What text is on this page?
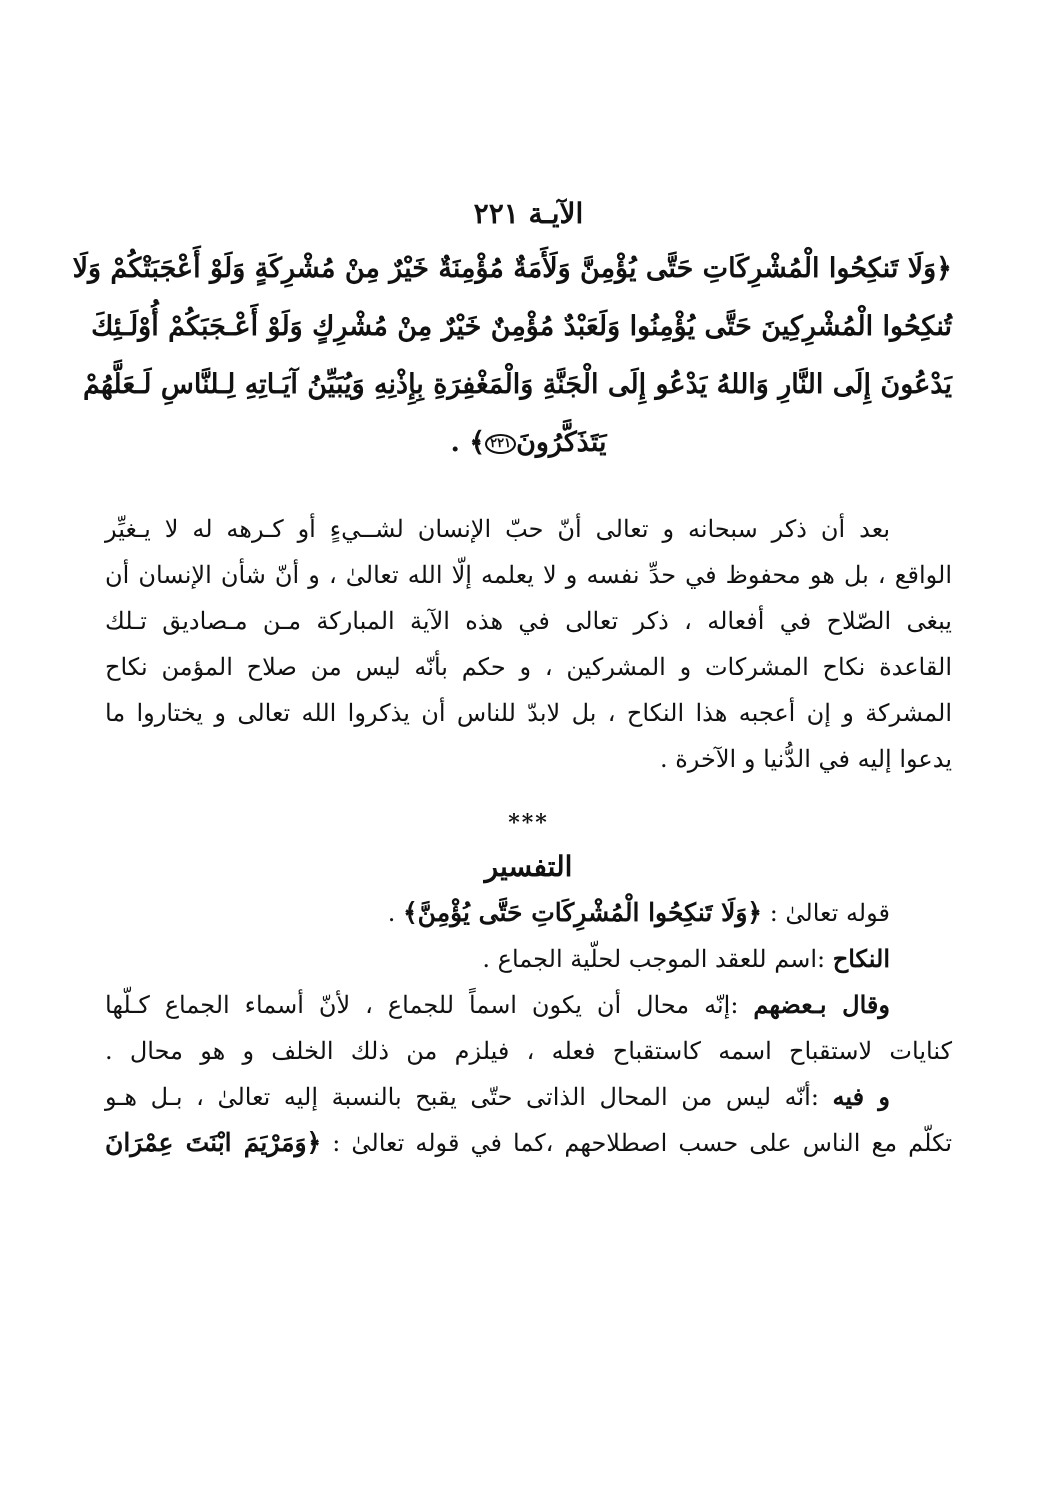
الآيـة ٢٢١
﴿وَلَا تَنكِحُوا الْمُشْرِكَاتِ حَتَّى يُؤْمِنَّ وَلَأَمَةٌ مُؤْمِنَةٌ خَيْرٌ مِنْ مُشْرِكَةٍ وَلَوْ أَعْجَبَتْكُمْ وَلَا
تُنكِحُوا الْمُشْرِكِينَ حَتَّى يُؤْمِنُوا وَلَعَبْدٌ مُؤْمِنٌ خَيْرٌ مِنْ مُشْرِكٍ وَلَوْ أَعْـجَبَكُمْ أُوْلَـئِكَ
يَدْعُونَ إِلَى النَّارِ وَاللهُ يَدْعُو إِلَى الْجَنَّةِ وَالْمَغْفِرَةِ بِإِذْنِهِ وَيُبَيِّنُ آيَـاتِهِ لِـلنَّاسِ لَـعَلَّهُمْ
يَتَذَكَّرُونَ٢٢١﴾ .
بعد أن ذكر سبحانه و تعالى أنّ حبّ الإنسان لشــيءٍ أو كـرهه له لا يـغيِّر
الواقع ، بل هو محفوظ في حدِّ نفسه و لا يعلمه إلّا الله تعالىٰ ، و أنّ شأن الإنسان أن
يبغى الصّلاح في أفعاله ، ذكر تعالى في هذه الآية المباركة مـن مـصاديق تـلك
القاعدة نكاح المشركات و المشركين ، و حكم بأنّه ليس من صلاح المؤمن نكاح
المشركة و إن أعجبه هذا النكاح ، بل لابدّ للناس أن يذكروا الله تعالى و يختاروا ما
يدعوا إليه في الدُّنيا و الآخرة .
***
التفسير
قوله تعالىٰ : ﴿وَلَا تَنكِحُوا الْمُشْرِكَاتِ حَتَّى يُؤْمِنَّ﴾ .
النكاح :اسم للعقد الموجب لحلّية الجماع .
وقال بـعضهم :إنّه محال أن يكون اسماً للجماع ، لأنّ أسماء الجماع كـلّها
كنايات لاستقباح اسمه كاستقباح فعله ، فيلزم من ذلك الخلف و هو محال .
و فيه :أنّه ليس من المحال الذاتى حتّى يقبح بالنسبة إليه تعالىٰ ، بـل هـو
تكلّم مع الناس على حسب اصطلاحهم ،كما في قوله تعالىٰ : ﴿وَمَرْيَمَ ابْنَتَ عِمْرَانَ
